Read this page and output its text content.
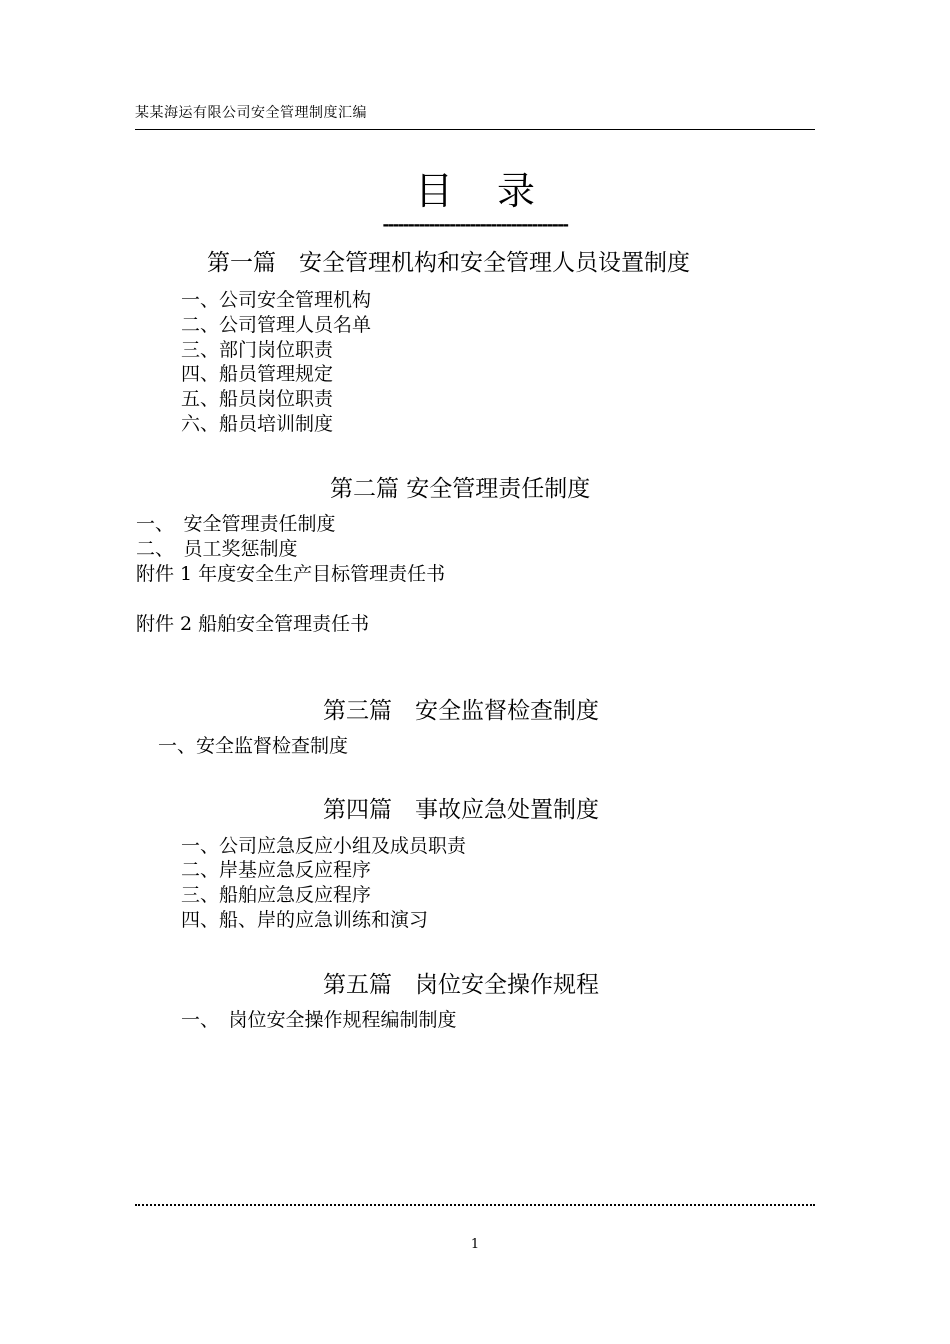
某某海运有限公司安全管理制度汇编
目 录
------------------------------------
第一篇　安全管理机构和安全管理人员设置制度
一、公司安全管理机构
二、公司管理人员名单
三、部门岗位职责
四、船员管理规定
五、船员岗位职责
六、船员培训制度
第二篇 安全管理责任制度
一、　安全管理责任制度
二、　员工奖惩制度
附件 1 年度安全生产目标管理责任书
附件 2 船舶安全管理责任书
第三篇　安全监督检查制度
一、安全监督检查制度
第四篇　事故应急处置制度
一、公司应急反应小组及成员职责
二、岸基应急反应程序
三、船舶应急反应程序
四、船、岸的应急训练和演习
第五篇　岗位安全操作规程
一、　岗位安全操作规程编制制度
1
